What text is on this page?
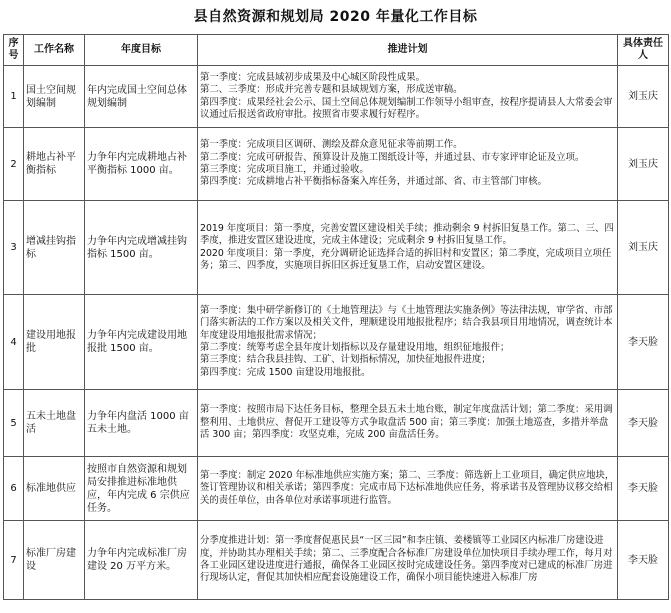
县自然资源和规划局 2020 年量化工作目标
序号	工作名称	年度目标	推进计划	具体责任人
1	国土空间规划编制	年内完成国土空间总体规划编制	第一季度：完成县域初步成果及中心城区阶段性成果。
第二、三季度：形成并完善专题和县域规划方案，形成送审稿。
第四季度：成果经社会公示、国土空间总体规划编制工作领导小组审查，按程序提请县人大常委会审议通过后报送省政府审批。按照省市要求履行好程序。	刘玉庆
2	耕地占补平衡指标	力争年内完成耕地占补平衡指标 1000 亩。	第一季度：完成项目区调研、测绘及群众意见征求等前期工作。
第二季度：完成可研报告、预算设计及施工图纸设计等，并通过县、市专家评审论证及立项。
第三季度：完成项目施工，并通过验收。
第四季度：完成耕地占补平衡指标备案入库任务，并通过部、省、市主管部门审核。	刘玉庆
3	增减挂钩指标	力争年内完成增减挂钩指标 1500 亩。	2019 年度项目：第一季度，完善安置区建设相关手续；推动剩余 9 村拆旧复垦工作。第二、三、四季度，推进安置区建设进度，完成主体建设；完成剩余 9 村拆旧复垦工作。
2020 年度项目：第一季度，充分调研论证选择合适的拆旧村和安置区；第二季度，完成项目立项任务；第三、四季度，实施项目拆旧区拆迁复垦工作，启动安置区建设。	刘玉庆
4	建设用地报批	力争年内完成建设用地报批 1500 亩。	第一季度：集中研学新修订的《土地管理法》与《土地管理法实施条例》等法律法规，审学省、市部门落实新法的工作方案以及相关文件，理顺建设用地报批程序；结合我县项目用地情况，调查统计本年度建设用地报批需求情况；
第二季度：统筹考虑全县年度计划指标以及存量建设用地，组织征地报件；
第三季度：结合我县挂钩、工矿、计划指标情况，加快征地报件进度；
第四季度：完成 1500 亩建设用地报批。	李天脸
5	五未土地盘活	力争年内盘活 1000 亩五未土地。	第一季度：按照市局下达任务目标，整理全县五未土地台账，制定年度盘活计划；第二季度：采用调整利用、土地供应、督促开工建设等方式争取盘活 500 亩；第三季度：加强土地巡查，多措并举盘活 300 亩；第四季度：攻坚克难，完成 200 亩盘活任务。	李天脸
6	标准地供应	按照市自然资源和规划局安排推进标准地供应，年内完成 6 宗供应任务。	第一季度：制定 2020 年标准地供应实施方案；第二、三季度：筛选新上工业项目，确定供应地块，签订管理协议和相关承诺；第四季度：完成市局下达标准地供应任务，将承诺书及管理协议移交给相关的责任单位，由各单位对承诺事项进行监管。	李天脸
7	标准厂房建设	力争年内完成标准厂房建设 20 万平方米。	分季度推进计划：第一季度督促惠民县“一区三园”和李庄镇、姜楼镇等工业园区内标准厂房建设进度，并协助其办理相关手续；第二、三季度配合各标准厂房建设单位加快项目手续办理工作，每月对各工业园区建设进度进行通报，确保各工业园区按时完成建设任务。第四季度对已建成的标准厂房进行现场认定，督促其加快相应配套设施建设工作，确保小项目能快速进入标准厂房	李天脸
